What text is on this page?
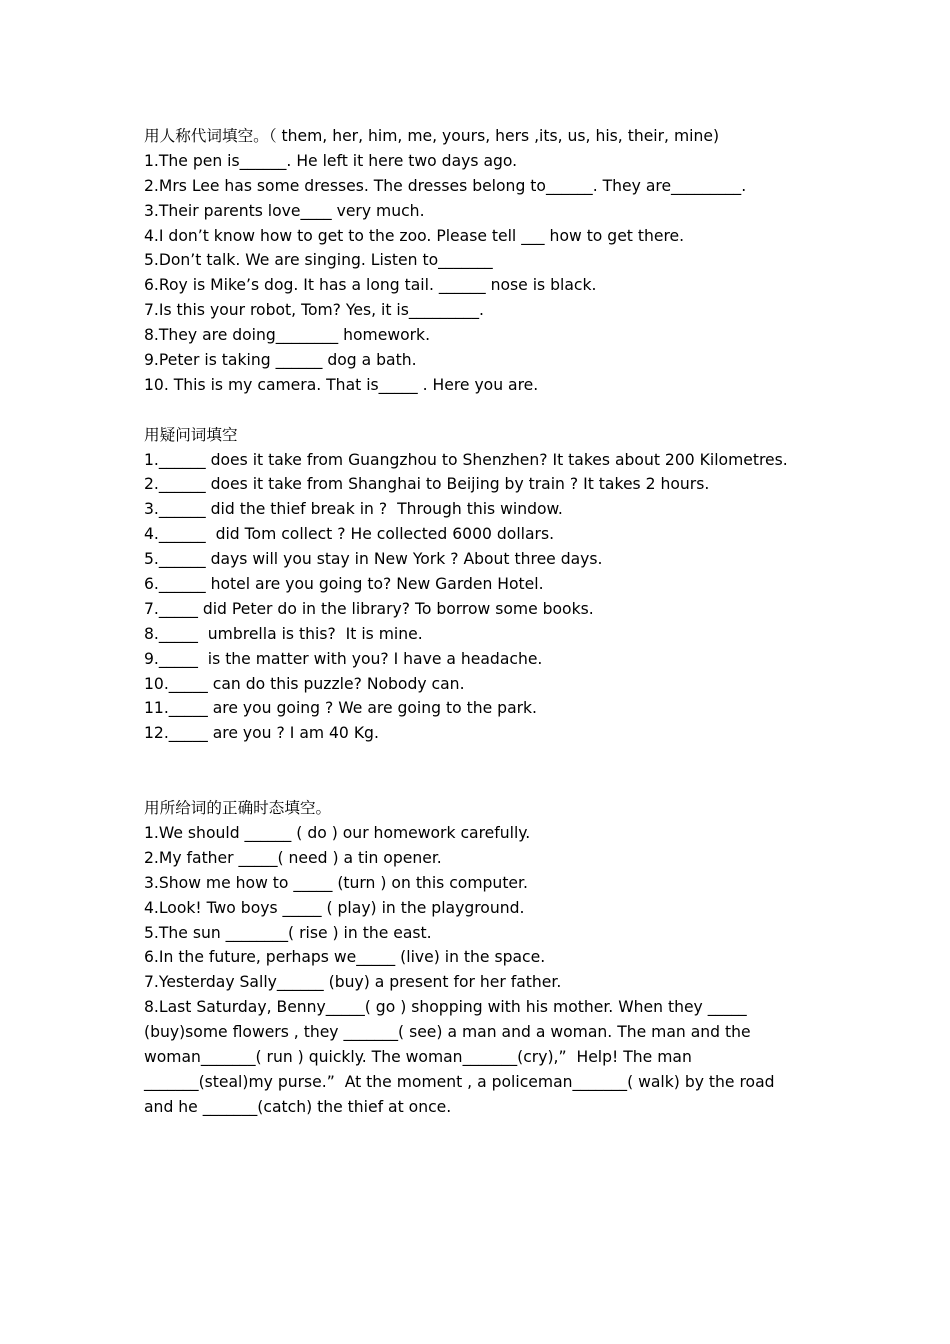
用人称代词填空。（ them, her, him, me, yours, hers ,its, us, his, their, mine)

1.The pen is______. He left it here two days ago.

2.Mrs Lee has some dresses. The dresses belong to______. They are_________.

3.Their parents love____ very much.

4.I don’t know how to get to the zoo. Please tell ___ how to get there.

5.Don’t talk. We are singing. Listen to_______

6.Roy is Mike’s dog. It has a long tail. ______ nose is black.

7.Is this your robot, Tom? Yes, it is_________.

8.They are doing________ homework.

9.Peter is taking ______ dog a bath.

10. This is my camera. That is_____ . Here you are.

用疑问词填空

1.______ does it take from Guangzhou to Shenzhen? It takes about 200 Kilometres.

2.______ does it take from Shanghai to Beijing by train ? It takes 2 hours.

3.______ did the thief break in ?  Through this window.

4.______  did Tom collect ? He collected 6000 dollars.

5.______ days will you stay in New York ? About three days.

6.______ hotel are you going to? New Garden Hotel.

7._____ did Peter do in the library? To borrow some books.

8._____  umbrella is this?  It is mine.

9._____  is the matter with you? I have a headache.

10._____ can do this puzzle? Nobody can.

11._____ are you going ? We are going to the park.

12._____ are you ? I am 40 Kg.

用所给词的正确时态填空。

1.We should ______ ( do ) our homework carefully.

2.My father _____( need ) a tin opener.

3.Show me how to _____ (turn ) on this computer.

4.Look! Two boys _____ ( play) in the playground.

5.The sun ________( rise ) in the east.

6.In the future, perhaps we_____ (live) in the space.

7.Yesterday Sally______ (buy) a present for her father.

8.Last Saturday, Benny_____( go ) shopping with his mother. When they _____

(buy)some flowers , they _______( see) a man and a woman. The man and the

woman_______( run ) quickly. The woman_______(cry),”  Help! The man

_______(steal)my purse.”  At the moment , a policeman_______( walk) by the road

and he _______(catch) the thief at once.
